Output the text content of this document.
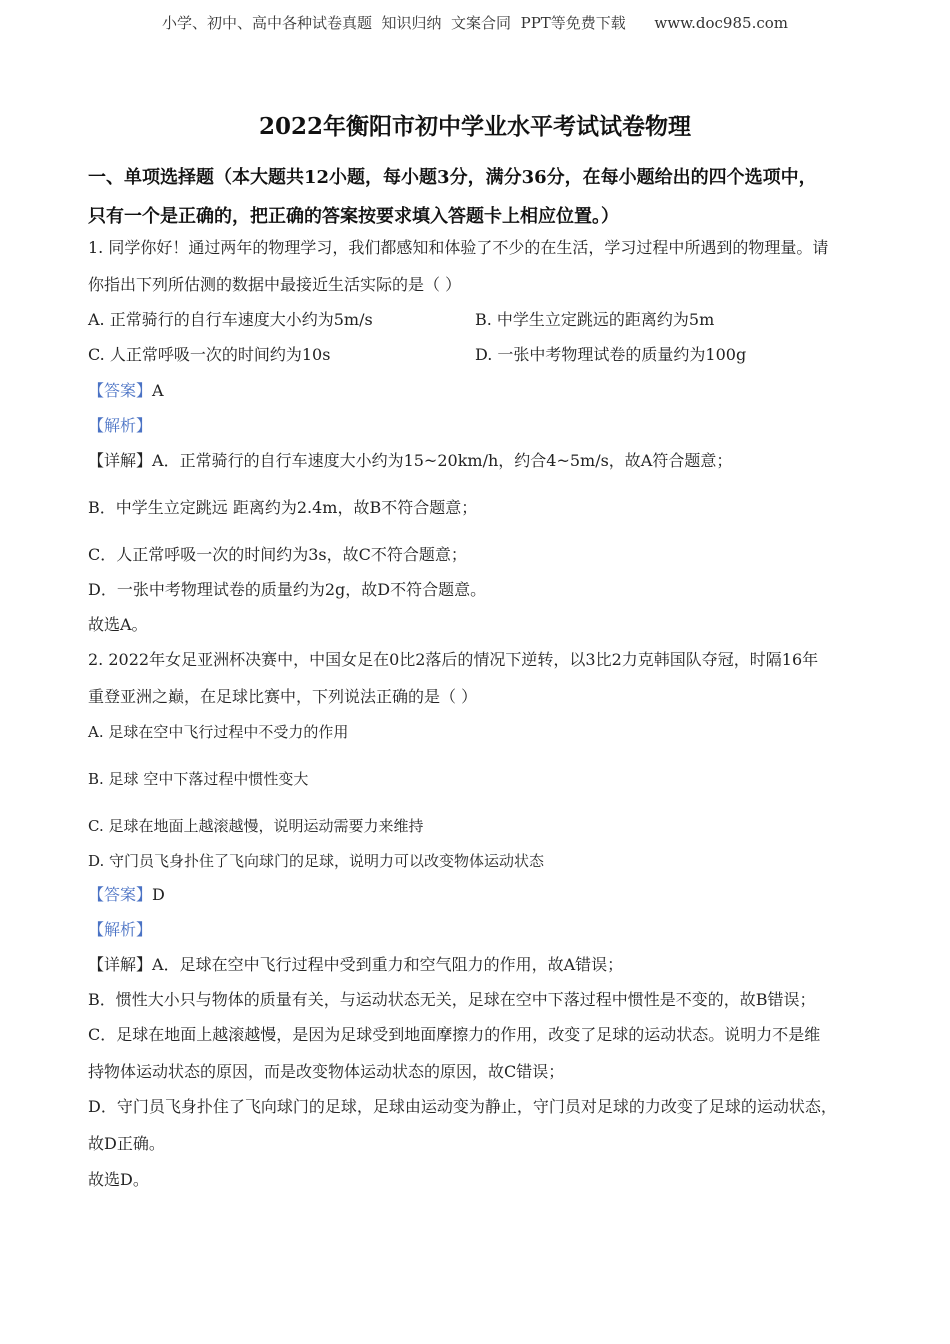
小学、初中、高中各种试卷真题  知识归纳  文案合同  PPT等免费下载      www.doc985.com
2022年衡阳市初中学业水平考试试卷物理
一、单项选择题（本大题共12小题，每小题3分，满分36分，在每小题给出的四个选项中，
只有一个是正确的，把正确的答案按要求填入答题卡上相应位置。）
1. 同学你好！通过两年的物理学习，我们都感知和体验了不少的在生活，学习过程中所遇到的物理量。请
你指出下列所估测的数据中最接近生活实际的是（ ）
A. 正常骑行的自行车速度大小约为5m/s	B. 中学生立定跳远的距离约为5m
C. 人正常呼吸一次的时间约为10s	D. 一张中考物理试卷的质量约为100g
【答案】A
【解析】
【详解】A．正常骑行的自行车速度大小约为15~20km/h，约合4~5m/s，故A符合题意；
B．中学生立定跳远 距离约为2.4m，故B不符合题意；
C．人正常呼吸一次的时间约为3s，故C不符合题意；
D．一张中考物理试卷的质量约为2g，故D不符合题意。
故选A。
2. 2022年女足亚洲杯决赛中，中国女足在0比2落后的情况下逆转，以3比2力克韩国队夺冠，时隔16年
重登亚洲之巅，在足球比赛中，下列说法正确的是（ ）
A. 足球在空中飞行过程中不受力的作用
B. 足球 空中下落过程中惯性变大
C. 足球在地面上越滚越慢，说明运动需要力来维持
D. 守门员飞身扑住了飞向球门的足球，说明力可以改变物体运动状态
【答案】D
【解析】
【详解】A．足球在空中飞行过程中受到重力和空气阻力的作用，故A错误；
B．惯性大小只与物体的质量有关，与运动状态无关，足球在空中下落过程中惯性是不变的，故B错误；
C．足球在地面上越滚越慢，是因为足球受到地面摩擦力的作用，改变了足球的运动状态。说明力不是维
持物体运动状态的原因，而是改变物体运动状态的原因，故C错误；
D．守门员飞身扑住了飞向球门的足球，足球由运动变为静止，守门员对足球的力改变了足球的运动状态，
故D正确。
故选D。
